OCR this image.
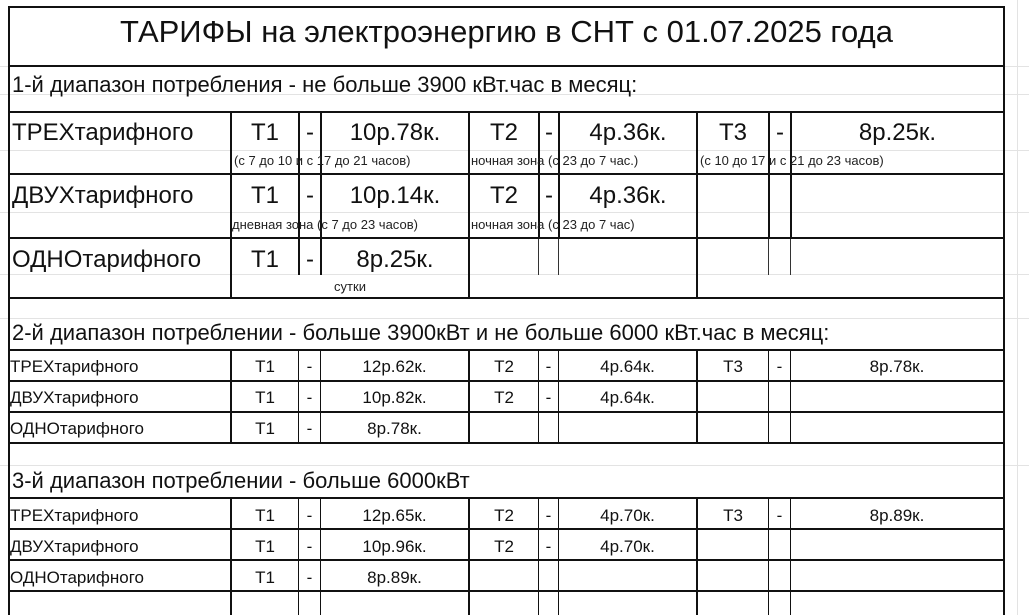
ТАРИФЫ на электроэнергию в СНТ с 01.07.2025 года
1-й диапазон потребления - не больше 3900 кВт.час в месяц:
ТРЕХтарифного	Т1	-	10р.78к.	Т2	-	4р.36к.	Т3	-	8р.25к.
(с 7 до 10 и с 17 до 21 часов)	ночная зона (с 23 до 7 час.)	(с 10 до 17 и с 21 до 23 часов)
ДВУХтарифного	Т1	-	10р.14к.	Т2	-	4р.36к.
дневная зона (с 7 до 23 часов)	ночная зона (с 23 до 7 час)
ОДНОтарифного	Т1	-	8р.25к.
сутки
2-й диапазон потреблении - больше 3900кВт и не больше 6000 кВт.час в месяц:
ТРЕХтарифного	Т1	-	12р.62к.	Т2	-	4р.64к.	Т3	-	8р.78к.
ДВУХтарифного	Т1	-	10р.82к.	Т2	-	4р.64к.
ОДНОтарифного	Т1	-	8р.78к.
3-й диапазон потреблении - больше 6000кВт
ТРЕХтарифного	Т1	-	12р.65к.	Т2	-	4р.70к.	Т3	-	8р.89к.
ДВУХтарифного	Т1	-	10р.96к.	Т2	-	4р.70к.
ОДНОтарифного	Т1	-	8р.89к.
